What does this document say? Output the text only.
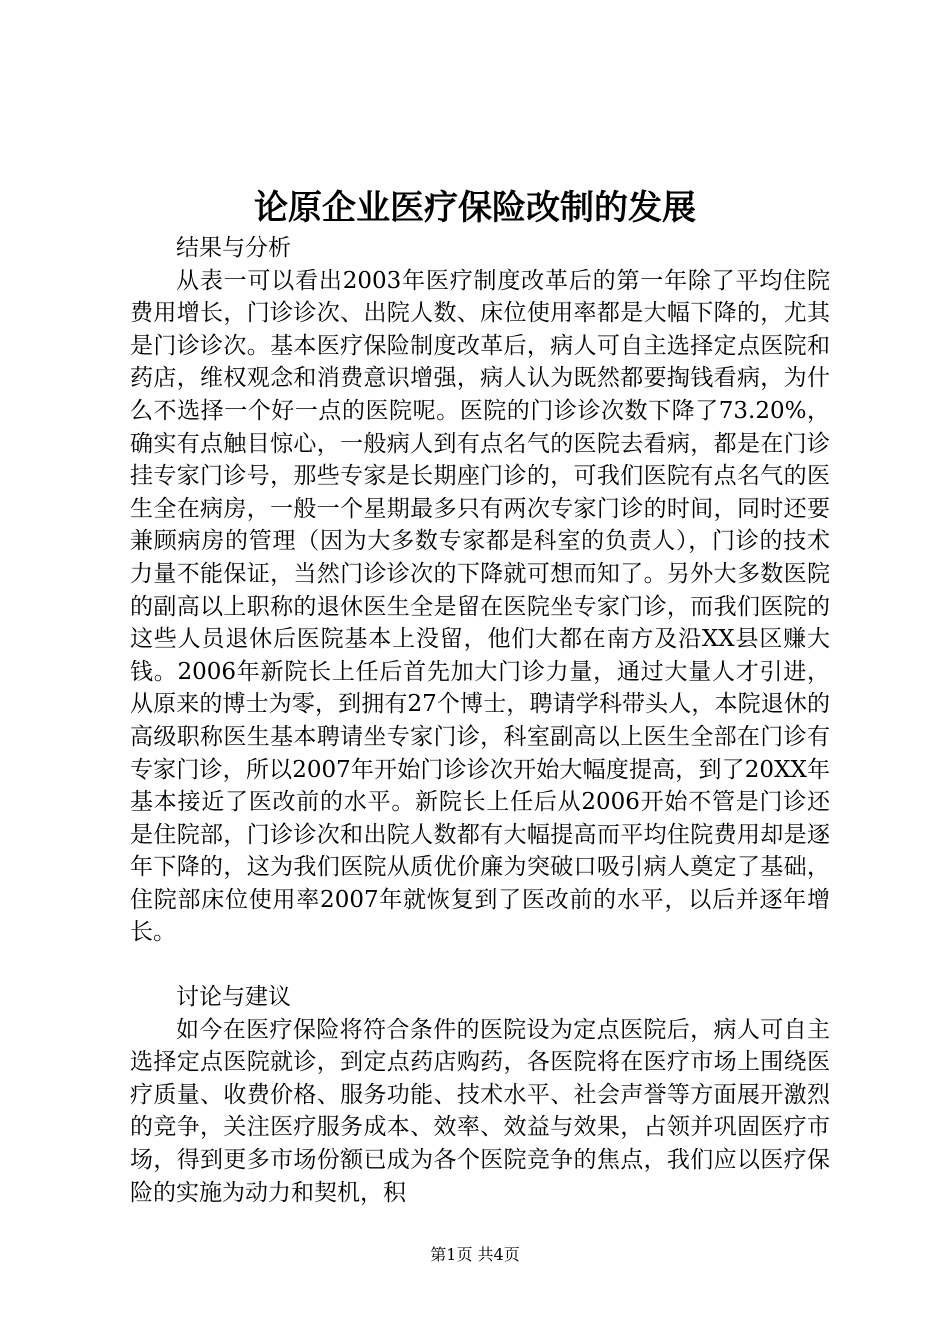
论原企业医疗保险改制的发展

结果与分析

从表一可以看出2003年医疗制度改革后的第一年除了平均住院费用增长，门诊诊次、出院人数、床位使用率都是大幅下降的，尤其是门诊诊次。基本医疗保险制度改革后，病人可自主选择定点医院和药店，维权观念和消费意识增强，病人认为既然都要掏钱看病，为什么不选择一个好一点的医院呢。医院的门诊诊次数下降了73.20%，确实有点触目惊心，一般病人到有点名气的医院去看病，都是在门诊挂专家门诊号，那些专家是长期座门诊的，可我们医院有点名气的医生全在病房，一般一个星期最多只有两次专家门诊的时间，同时还要兼顾病房的管理（因为大多数专家都是科室的负责人），门诊的技术力量不能保证，当然门诊诊次的下降就可想而知了。另外大多数医院的副高以上职称的退休医生全是留在医院坐专家门诊，而我们医院的这些人员退休后医院基本上没留，他们大都在南方及沿XX县区赚大钱。2006年新院长上任后首先加大门诊力量，通过大量人才引进，从原来的博士为零，到拥有27个博士，聘请学科带头人，本院退休的高级职称医生基本聘请坐专家门诊，科室副高以上医生全部在门诊有专家门诊，所以2007年开始门诊诊次开始大幅度提高，到了20XX年基本接近了医改前的水平。新院长上任后从2006开始不管是门诊还是住院部，门诊诊次和出院人数都有大幅提高而平均住院费用却是逐年下降的，这为我们医院从质优价廉为突破口吸引病人奠定了基础，住院部床位使用率2007年就恢复到了医改前的水平，以后并逐年增长。

讨论与建议

如今在医疗保险将符合条件的医院设为定点医院后，病人可自主选择定点医院就诊，到定点药店购药，各医院将在医疗市场上围绕医疗质量、收费价格、服务功能、技术水平、社会声誉等方面展开激烈的竞争，关注医疗服务成本、效率、效益与效果，占领并巩固医疗市场，得到更多市场份额已成为各个医院竞争的焦点，我们应以医疗保险的实施为动力和契机，积

第1页 共4页
